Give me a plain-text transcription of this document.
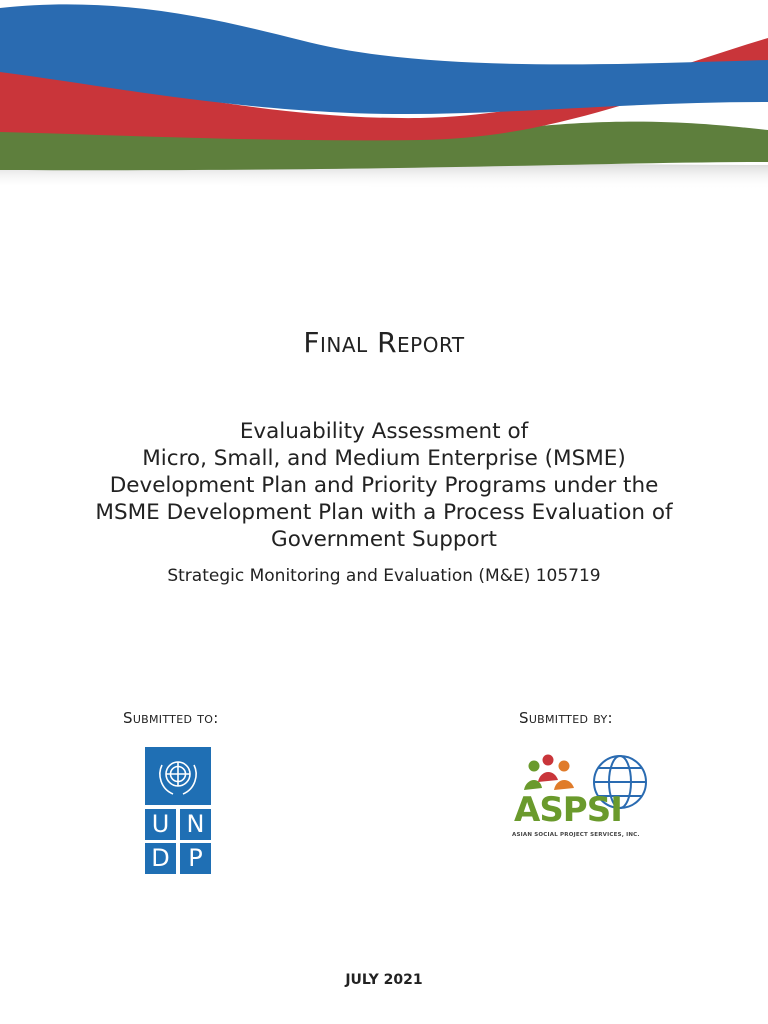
Final Report
Evaluability Assessment of
Micro, Small, and Medium Enterprise (MSME)
Development Plan and Priority Programs under the
MSME Development Plan with a Process Evaluation of
Government Support
Strategic Monitoring and Evaluation (M&E) 105719
Submitted to:	Submitted by:
U N
D P
ASPSI
ASIAN SOCIAL PROJECT SERVICES, INC.
JULY 2021
